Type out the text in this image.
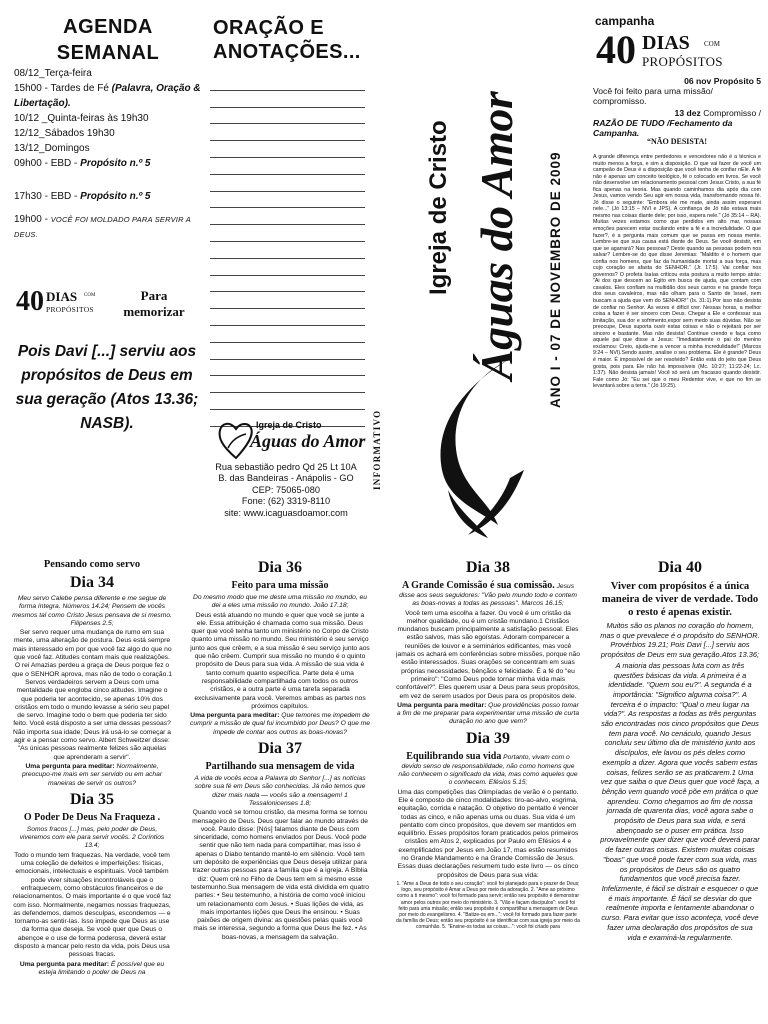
AGENDA
SEMANAL
08/12_Terça-feira
15h00 - Tardes de Fé (Palavra, Oração & Libertação).
10/12 _Quinta-feiras às 19h30
12/12_Sábados 19h30
13/12_Domingos
09h00 - EBD - Propósito n.º 5
17h30 - EBD - Propósito n.º 5
19h00 - VOCÊ FOI MOLDADO PARA SERVIR A DEUS.
40 DIAS COM
PROPÓSITOS
Para
memorizar
Pois Davi [...] serviu aos propósitos de Deus em sua geração (Atos 13.36; NASB).
ORAÇÃO E
ANOTAÇÕES...
Igreja de Cristo
Águas do Amor
Rua sebastião pedro Qd 25 Lt 10A
B. das Bandeiras - Anápolis - GO
CEP: 75065-080
Fone: (62) 3319-8110
site: www.icaguasdoamor.com
INFORMATIVO
Igreja de Cristo Águas do Amor ANO I - 07 DE NOVEMBRO DE 2009
campanha
40 DIAS COM
PROPÓSITOS
06 nov Propósito 5
Você foi feito para uma missão/ compromisso.
13 dez Compromisso /
RAZÃO DE TUDO /Fechamento da Campanha.
“NÃO DESISTA!
A grande diferença entre perdedores e vencedores não é a técnica e muito menos a força, e sim a disposição. O que vai fazer de você um campeão de Deus é a disposição que você tenha de confiar nEle. A fé não é apenas um conceito teológico, fé o colocado em livros. Se você não desenvolve um relacionamento pessoal com Jesus Cristo, a sua fé fica apenas na teoria. Mas quando caminhamos dia após dia com Jesus, vamos vendo Seu agir em nossa vida, transformando nossa fé. Jó disse o seguinte: "Embora ele me mate, ainda assim esperarei nele..." (Jó 13:15 – NVI e JPS). A confiança de Jó não estava mais mesmo nas coisas diante dele; por isso, espera nele." (Jó 35:14 – RA). Muitas vezes estamos como que perdidos em alto mar, nossas emoções parecem estar oscilando entre a fé e a incredulidade. O que fazer?, é a pergunta mais comum que se passa em nossa mente. Lembre-se que sua causa está diante de Deus. Se você desistir, em que se agarrará? Nas pessoas? Deste quando as pessoas podem nos salvar? Lembre-se do que disse Jeremias: "Maldito é o homem que confia nos homens, que faz da humanidade mortal a sua força, mas cujo coração se afasta do SENHOR." (Jr. 17:5). Vai confiar nos governos? O profeta Isaías criticou esta postura a muito tempo atrás: "Ai dos que descem ao Egito em busca de ajuda, que contam com cavalos. Eles confiam na multidão dos seus carros e na grande força dos seus cavaleiros, mas não olham para o Santo de Israel, nem buscam a ajuda que vem do SENHOR!" (Is. 31:1).Por isso não desista de confiar no Senhor. Às vezes é difícil crer. Nessas horas, a melhor coisa a fazer é ser sincero com Deus. Chegar a Ele e confessar sua limitação, sua dor e sofrimento,expor sem medo suas dúvidas. Não se preocupe, Deus suporta ouvir estas coisas e não o rejeitará por ser sincero e bastante. Mas não desista! Continue crendo e faça como aquele pai que disse a Jesus: "Imediatamente o pai do menino exclamou: Creio, ajuda-me a vencer a minha incredulidade!" (Marcos 9:24 – NVI).Sendo assim, analise o seu problema. Ele é grande? Deus é maior. É impossível de ser resolvido? Então está do jeito que Deus gosta, pois para Ele não há impossíveis (Mc. 10:27; 11:22-24; Lc. 1:37). Não desista jamais! Você só será um fracasso quando desistir. Fale como Jó: "Eu sei que o meu Redentor vive, e que no fim se levantará sobre a terra." (Jó 19:25).
Pensando como servo
Dia 34

Meu servo Calebe pensa diferente e me segue de forma íntegra. Números 14.24; Pensem de vocês mesmos tal como Cristo Jesus pensava de si mesmo. Filipenses 2.5;

Ser servo requer uma mudança de rumo em sua mente, uma alteração de postura. Deus está sempre mais interessado em por que você faz algo do que no que você faz. Atitudes contam mais que realizações. O rei Amazias perdeu a graça de Deus porque fez o que o SENHOR aprova, mas não de todo o coração.1 Servos verdadeiros servem a Deus com uma mentalidade que engloba cinco atitudes. Imagine o que poderia ter acontecido, se apenas 10% dos cristãos em todo o mundo levasse a sério seu papel de servo. Imagine todo o bem que poderia ter sido feito. Você está disposto a ser uma dessas pessoas? Não importa sua idade; Deus irá usá-lo se começar a agir e a pensar como servo. Albert Schweitzer disse: "As únicas pessoas realmente felizes são aquelas que aprenderam a servir".

Uma pergunta para meditar: Normalmente, preocupo-me mais em ser servido ou em achar maneiras de servir os outros?

Dia 35
O Poder De Deus Na Fraqueza .

Somos fracos [...] mas, pelo poder de Deus, viveremos com ele para servir vocês. 2 Coríntios 13.4;

Todo o mundo tem fraquezas. Na verdade, você tem uma coleção de defeitos e imperfeições: físicas, emocionais, intelectuais e espirituais. Você também pode viver situações incontroláveis que o enfraquecem, como obstáculos financeiros e de relacionamentos. O mais importante é o que você faz com isso. Normalmente, negamos nossas fraquezas, as defendemos, damos desculpas, escondemos — e tornamo-as sentir-las. Isso impede que Deus as use da forma que deseja. Se você quer que Deus o abençoe e o use de forma poderosa, deverá estar disposto a mancar pelo resto da vida, pois Deus usa pessoas fracas.

Uma pergunta para meditar: É possível que eu esteja limitando o poder de Deus na

Dia 36
Feito para uma missão

Do mesmo modo que me deste uma missão no mundo, eu dei a eles uma missão no mundo. João 17.18;

Deus está atuando no mundo e quer que você se junte a ele. Essa atribuição é chamada como sua missão. Deus quer que você tenha tanto um ministério no Corpo de Cristo quanto uma missão no mundo. Seu ministério é seu serviço junto aos que crêem, e a sua missão é seu serviço junto aos que não crêem. Cumprir sua missão no mundo é o quinto propósito de Deus para sua vida. A missão de sua vida é tanto comum quanto específica. Parte dela é uma responsabilidade compartilhada com todos os outros cristãos, e a outra parte é uma tarefa separada exclusivamente para você. Veremos ambas as partes nos próximos capítulos.

Uma pergunta para meditar: Que temores me impedem de cumprir a missão de qual fui incumbido por Deus? O que me impede de contar aos outros as boas-novas?

Dia 37
Partilhando sua mensagem de vida

A vida de vocês ecoa a Palavra do Senhor [...] as notícias sobre sua fé em Deus são conhecidas. Já não temos que dizer mais nada — vocês são a mensagem! 1 Tessalonicenses 1.8;

Quando você se tornou cristão, da mesma forma se tornou mensageiro de Deus. Deus quer falar ao mundo através de você. Paulo disse: [Nós] falamos diante de Deus com sinceridade, como homens enviados por Deus. Você pode sentir que não tem nada para compartilhar, mas isso é apenas o Diabo tentando mantê-lo em silêncio. Você tem um depósito de experiências que Deus deseja utilizar para trazer outras pessoas para a família que é a igreja. A Bíblia diz: Quem crê no Filho de Deus tem em si mesmo esse testemunho.Sua mensagem de vida está dividida em quatro partes: • Seu testemunho, a história de como você iniciou um relacionamento com Jesus. • Suas lições de vida, as mais importantes lições que Deus lhe ensinou. • Suas paixões de origem divina: as questões pelas quais você mais se interessa, segundo a forma que Deus lhe fez. • As boas-novas, a mensagem da salvação.

Dia 38

A Grande Comissão é sua comissão. Jesus disse aos seus seguidores: "Vão pelo mundo todo e contem as boas-novas a todas as pessoas". Marcos 16.15;

Você tem uma escolha a fazer. Ou você é um cristão da melhor qualidade, ou é um cristão mundano.1 Cristãos mundanos buscam principalmente a satisfação pessoal. Eles estão salvos, mas são egoístas. Adoram comparecer a reuniões de louvor e a seminários edificantes, mas você jamais os achará em conferências sobre missões, porque não estão interessados. Suas orações se concentram em suas próprias necessidades, bênçãos e felicidade. É a fé do "eu primeiro": "Como Deus pode tornar minha vida mais confortável?". Eles querem usar a Deus para seus propósitos, em vez de serem usados por Deus para os propósitos dele.

Uma pergunta para meditar: Que providências posso tomar a fim de me preparar para experimentar uma missão de curta duração no ano que vem?

Dia 39

Equilibrando sua vida Portanto, vivam com o devido senso de responsabilidade, não como homens que não conhecem o significado da vida, mas como aqueles que o conhecem. Efésios 5.15;

Uma das competições das Olimpíadas de verão é o pentatlo. Ele é composto de cinco modalidades: tiro-ao-alvo, esgrima, equitação, corrida e natação. O objetivo do pentatlo é vencer todas as cinco, e não apenas uma ou duas. Sua vida é um pentatlo com cinco propósitos, que devem ser mantidos em equilíbrio. Esses propósitos foram praticados pelos primeiros cristãos em Atos 2, explicados por Paulo em Efésios 4 e exemplificados por Jesus em João 17, mas estão resumidos no Grande Mandamento e na Grande Comissão de Jesus. Essas duas declarações resumem tudo este livro — os cinco propósitos de Deus para sua vida:

1. "Ame a Deus de todo o seu coração": você foi planejado para o prazer de Deus; logo, seu propósito é Amar a Deus por meio da adoração. 2. "Ame ao próximo como a ti mesmo": você foi formado para servir; então seu propósito é demonstrar amor pelos outros por meio do ministério. 3. "Vão e façam discípulos": você foi feito para uma missão; então seu propósito é compartilhar a mensagem de Deus por meio do evangelismo. 4. "Batize-os em...": você foi formado para fazer parte da família de Deus; então seu propósito é se identificar com sua igreja por meio da comunhão. 5. "Ensine-os todas as coisas...": você foi criado para

Dia 40
Viver com propósitos é a única maneira de viver de verdade. Todo o resto é apenas existir.

Muitos são os planos no coração do homem, mas o que prevalece é o propósito do SENHOR. Provérbios 19.21; Pois Davi [...] serviu aos propósitos de Deus em sua geração.Atos 13.36;

A maioria das pessoas luta com as três questões básicas da vida. A primeira é a identidade. "Quem sou eu?". A segunda é a importância: "Significo alguma coisa?". A terceira é o impacto: "Qual o meu lugar na vida?". As respostas a todas as três perguntas são encontradas nos cinco propósitos que Deus tem para você. No cenáculo, quando Jesus concluiu seu último dia de ministério junto aos discípulos, ele lavou os pés deles como exemplo a dizer. Agora que vocês sabem estas coisas, felizes serão se as praticarem.1 Uma vez que saiba o que Deus quer que você faça, a bênção vem quando você põe em prática o que aprendeu. Como chegamos ao fim de nossa jornada de quarenta dias, você agora sabe o propósito de Deus para sua vida, e será abençoado se o puser em prática. Isso provavelmente quer dizer que você deverá parar de fazer outras coisas. Existem muitas coisas "boas" que você pode fazer com sua vida, mas os propósitos de Deus são os quatro fundamentos que você precisa fazer. Infelizmente, é fácil se distrair e esquecer o que é mais importante. É fácil se desviar do que realmente importa e lentamente abandonar o curso. Para evitar que isso aconteça, você deve fazer uma declaração dos propósitos de sua vida e examiná-la regularmente.
